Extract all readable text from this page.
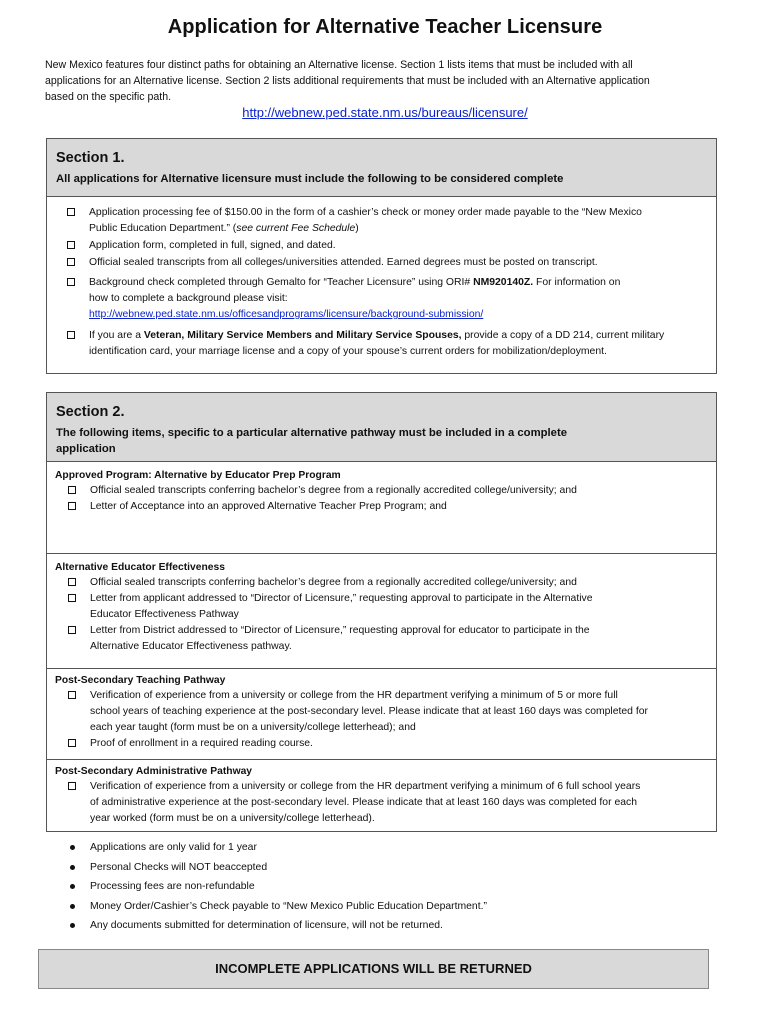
Application for Alternative Teacher Licensure
New Mexico features four distinct paths for obtaining an Alternative license. Section 1 lists items that must be included with all
applications for an Alternative license. Section 2 lists additional requirements that must be included with an Alternative application
based on the specific path.
http://webnew.ped.state.nm.us/bureaus/licensure/
Section 1.
All applications for Alternative licensure must include the following to be considered complete
Application processing fee of $150.00 in the form of a cashier’s check or money order made payable to the “New Mexico
Public Education Department.” (see current Fee Schedule)
Application form, completed in full, signed, and dated.
Official sealed transcripts from all colleges/universities attended. Earned degrees must be posted on transcript.
Background check completed through Gemalto for “Teacher Licensure” using ORI# NM920140Z. For information on
how to complete a background please visit:
http://webnew.ped.state.nm.us/officesandprograms/licensure/background-submission/
If you are a Veteran, Military Service Members and Military Service Spouses, provide a copy of a DD 214, current military
identification card, your marriage license and a copy of your spouse’s current orders for mobilization/deployment.
Section 2.
The following items, specific to a particular alternative pathway must be included in a complete
application
Approved Program: Alternative by Educator Prep Program
Official sealed transcripts conferring bachelor’s degree from a regionally accredited college/university; and
Letter of Acceptance into an approved Alternative Teacher Prep Program; and
Alternative Educator Effectiveness
Official sealed transcripts conferring bachelor’s degree from a regionally accredited college/university; and
Letter from applicant addressed to “Director of Licensure,” requesting approval to participate in the Alternative
Educator Effectiveness Pathway
Letter from District addressed to “Director of Licensure,” requesting approval for educator to participate in the
Alternative Educator Effectiveness pathway.
Post-Secondary Teaching Pathway
Verification of experience from a university or college from the HR department verifying a minimum of 5 or more full
school years of teaching experience at the post-secondary level. Please indicate that at least 160 days was completed for
each year taught (form must be on a university/college letterhead); and
Proof of enrollment in a required reading course.
Post-Secondary Administrative Pathway
Verification of experience from a university or college from the HR department verifying a minimum of 6 full school years
of administrative experience at the post-secondary level. Please indicate that at least 160 days was completed for each
year worked (form must be on a university/college letterhead).
Applications are only valid for 1 year
Personal Checks will NOT beaccepted
Processing fees are non-refundable
Money Order/Cashier’s Check payable to “New Mexico Public Education Department.”
Any documents submitted for determination of licensure, will not be returned.
INCOMPLETE APPLICATIONS WILL BE RETURNED
